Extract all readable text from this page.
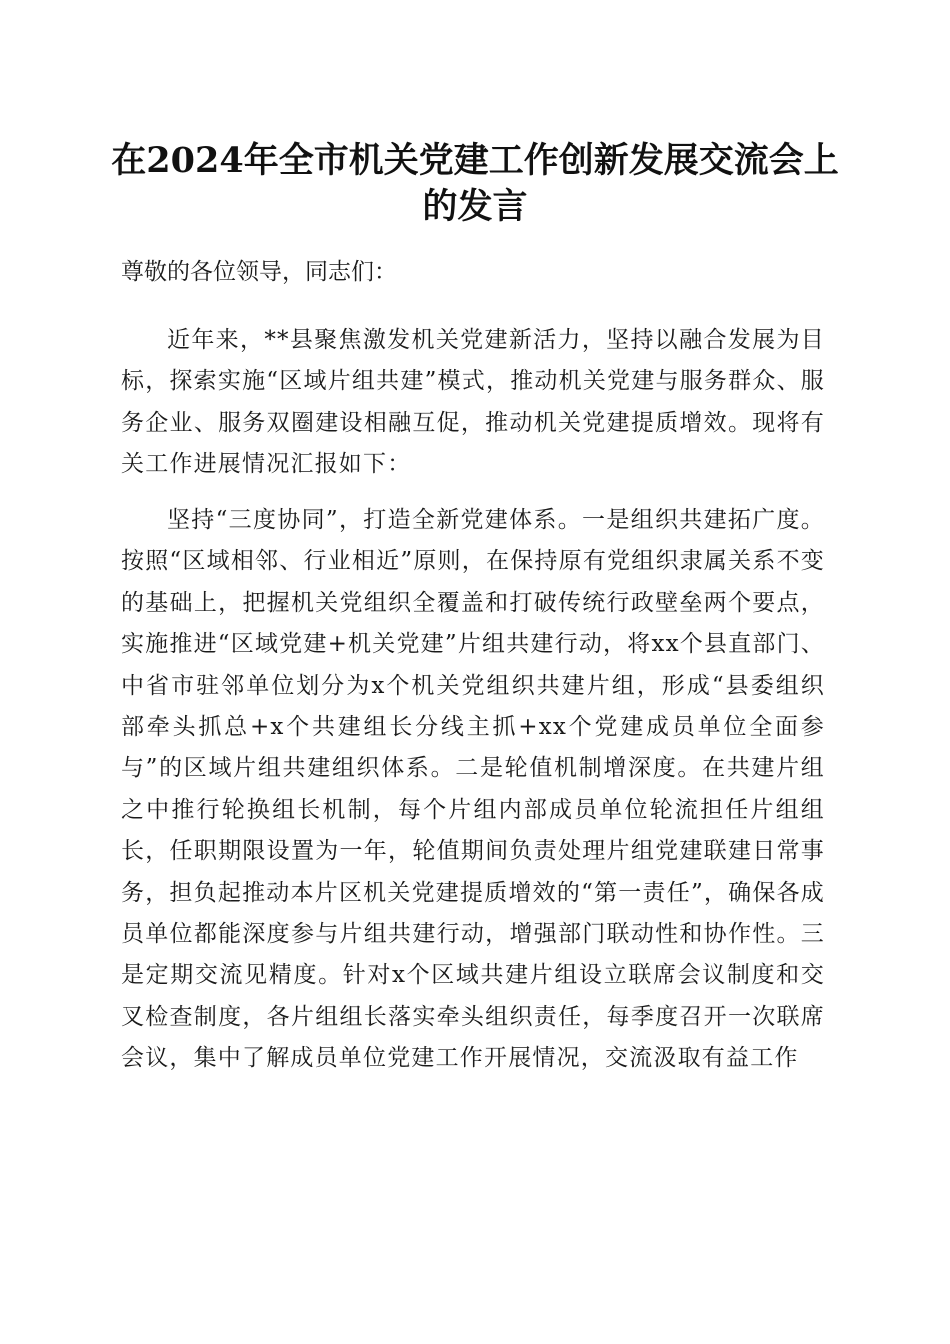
在2024年全市机关党建工作创新发展交流会上的发言
尊敬的各位领导，同志们：

近年来，**县聚焦激发机关党建新活力，坚持以融合发展为目标，探索实施“区域片组共建”模式，推动机关党建与服务群众、服务企业、服务双圈建设相融互促，推动机关党建提质增效。现将有关工作进展情况汇报如下：

坚持“三度协同”，打造全新党建体系。一是组织共建拓广度。按照“区域相邻、行业相近”原则，在保持原有党组织隶属关系不变的基础上，把握机关党组织全覆盖和打破传统行政壁垒两个要点，实施推进“区域党建+机关党建”片组共建行动，将xx个县直部门、中省市驻邻单位划分为x个机关党组织共建片组，形成“县委组织部牵头抓总+x个共建组长分线主抓+xx个党建成员单位全面参与”的区域片组共建组织体系。二是轮值机制增深度。在共建片组之中推行轮换组长机制，每个片组内部成员单位轮流担任片组组长，任职期限设置为一年，轮值期间负责处理片组党建联建日常事务，担负起推动本片区机关党建提质增效的“第一责任”，确保各成员单位都能深度参与片组共建行动，增强部门联动性和协作性。三是定期交流见精度。针对x个区域共建片组设立联席会议制度和交叉检查制度，各片组组长落实牵头组织责任，每季度召开一次联席会议，集中了解成员单位党建工作开展情况，交流汲取有益工作
